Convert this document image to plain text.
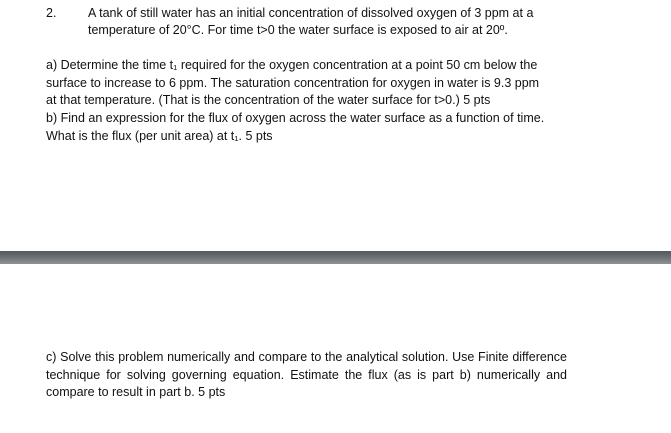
2.	A tank of still water has an initial concentration of dissolved oxygen of 3 ppm at a
temperature of 20°C. For time t>0 the water surface is exposed to air at 20º.
a) Determine the time t₁ required for the oxygen concentration at a point 50 cm below the
surface to increase to 6 ppm. The saturation concentration for oxygen in water is 9.3 ppm
at that temperature. (That is the concentration of the water surface for t>0.) 5 pts
b) Find an expression for the flux of oxygen across the water surface as a function of time.
What is the flux (per unit area) at t₁. 5 pts
c) Solve this problem numerically and compare to the analytical solution. Use Finite difference technique for solving governing equation. Estimate the flux (as is part b) numerically and compare to result in part b. 5 pts
